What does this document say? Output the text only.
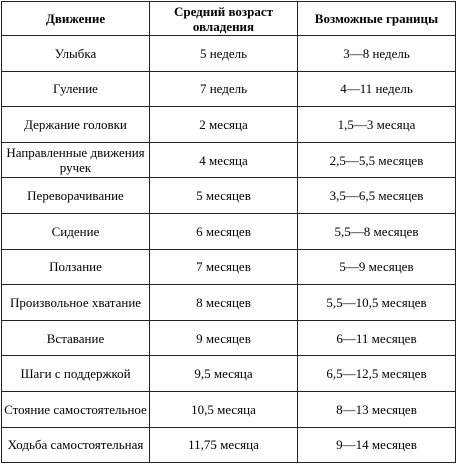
Движение	Средний возраст овладения	Возможные границы
Улыбка	5 недель	3—8 недель
Гуление	7 недель	4—11 недель
Держание головки	2 месяца	1,5—3 месяца
Направленные движения ручек	4 месяца	2,5—5,5 месяцев
Переворачивание	5 месяцев	3,5—6,5 месяцев
Сидение	6 месяцев	5,5—8 месяцев
Ползание	7 месяцев	5—9 месяцев
Произвольное хватание	8 месяцев	5,5—10,5 месяцев
Вставание	9 месяцев	6—11 месяцев
Шаги с поддержкой	9,5 месяца	6,5—12,5 месяцев
Стояние самостоятельное	10,5 месяца	8—13 месяцев
Ходьба самостоятельная	11,75 месяца	9—14 месяцев
